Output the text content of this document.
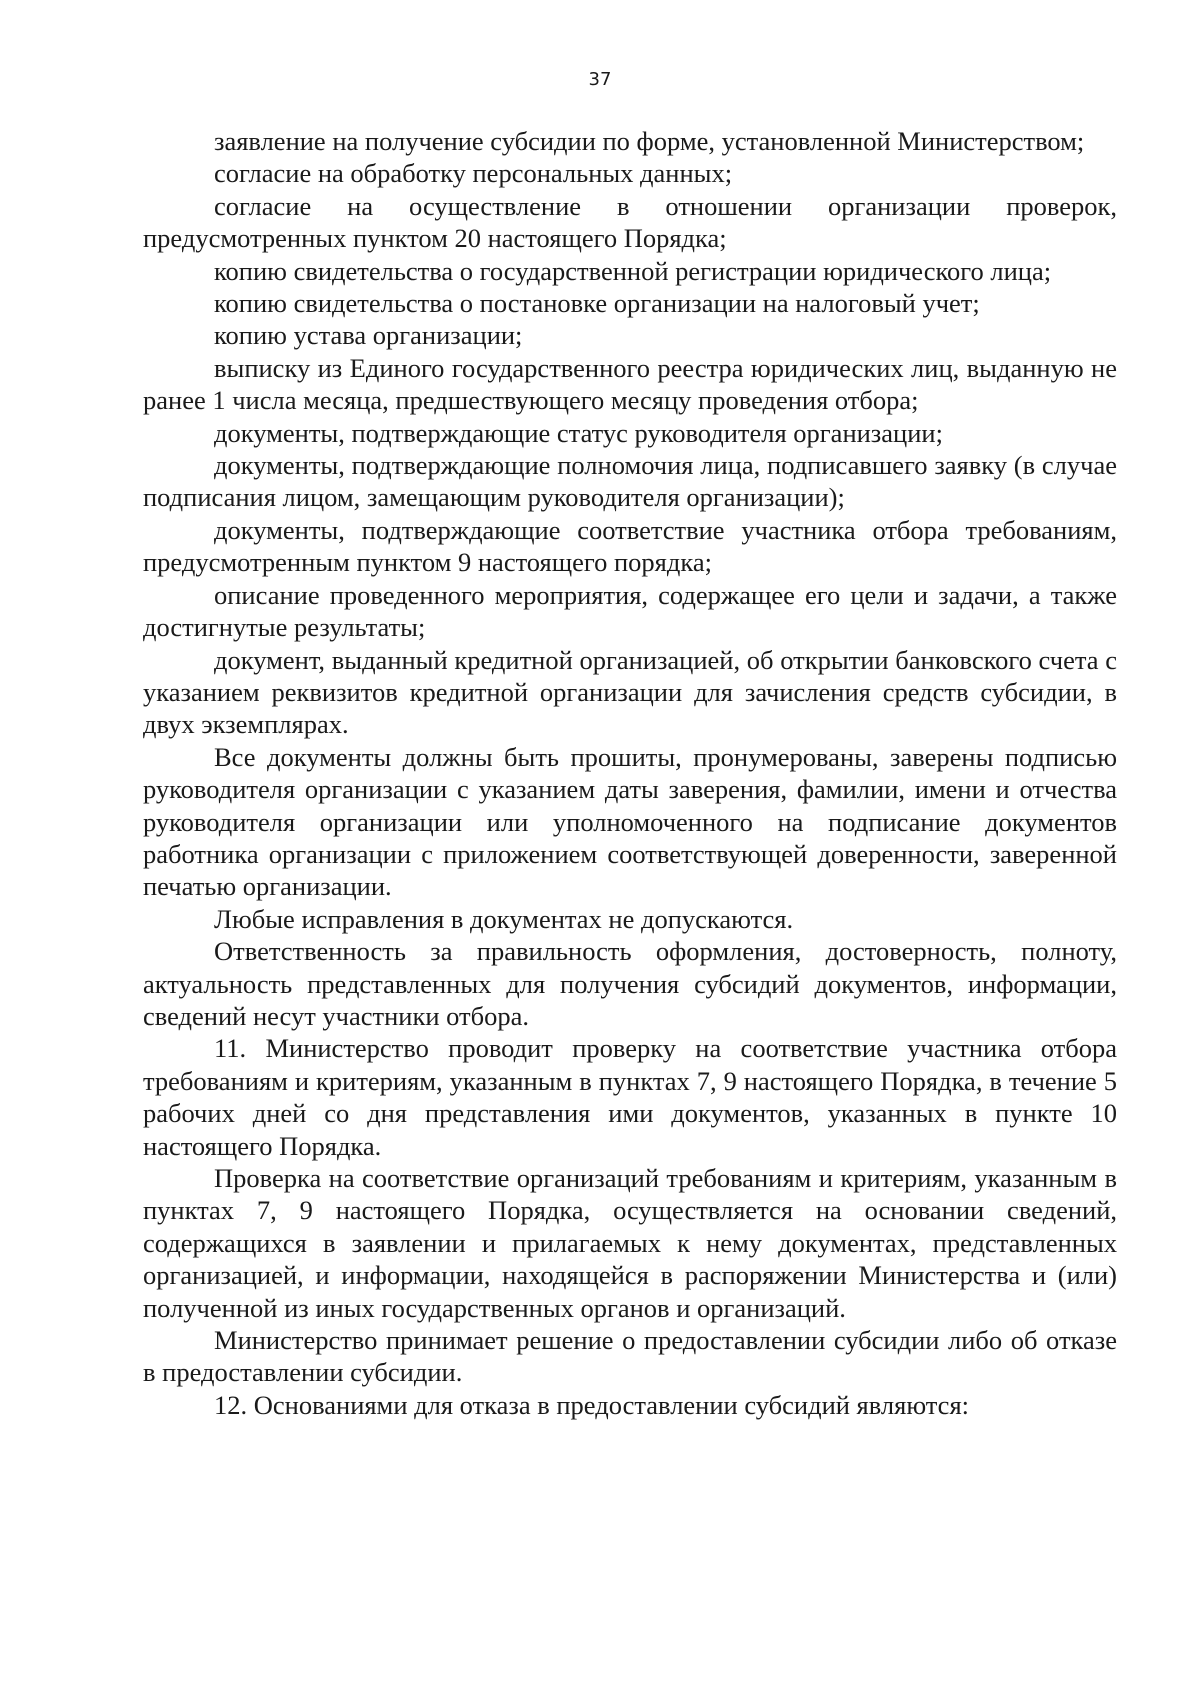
37

заявление на получение субсидии по форме, установленной Министерством;

согласие на обработку персональных данных;

согласие на осуществление в отношении организации проверок, предусмотренных пунктом 20 настоящего Порядка;

копию свидетельства о государственной регистрации юридического лица;

копию свидетельства о постановке организации на налоговый учет;

копию устава организации;

выписку из Единого государственного реестра юридических лиц, выданную не ранее 1 числа месяца, предшествующего месяцу проведения отбора;

документы, подтверждающие статус руководителя организации;

документы, подтверждающие полномочия лица, подписавшего заявку (в случае подписания лицом, замещающим руководителя организации);

документы, подтверждающие соответствие участника отбора требованиям, предусмотренным пунктом 9 настоящего порядка;

описание проведенного мероприятия, содержащее его цели и задачи, а также достигнутые результаты;

документ, выданный кредитной организацией, об открытии банковского счета с указанием реквизитов кредитной организации для зачисления средств субсидии, в двух экземплярах.

Все документы должны быть прошиты, пронумерованы, заверены подписью руководителя организации с указанием даты заверения, фамилии, имени и отчества руководителя организации или уполномоченного на подписание документов работника организации с приложением соответствующей доверенности, заверенной печатью организации.

Любые исправления в документах не допускаются.

Ответственность за правильность оформления, достоверность, полноту, актуальность представленных для получения субсидий документов, информации, сведений несут участники отбора.

11. Министерство проводит проверку на соответствие участника отбора требованиям и критериям, указанным в пунктах 7, 9 настоящего Порядка, в течение 5 рабочих дней со дня представления ими документов, указанных в пункте 10 настоящего Порядка.

Проверка на соответствие организаций требованиям и критериям, указанным в пунктах 7, 9 настоящего Порядка, осуществляется на основании сведений, содержащихся в заявлении и прилагаемых к нему документах, представленных организацией, и информации, находящейся в распоряжении Министерства и (или) полученной из иных государственных органов и организаций.

Министерство принимает решение о предоставлении субсидии либо об отказе в предоставлении субсидии.

12. Основаниями для отказа в предоставлении субсидий являются:
